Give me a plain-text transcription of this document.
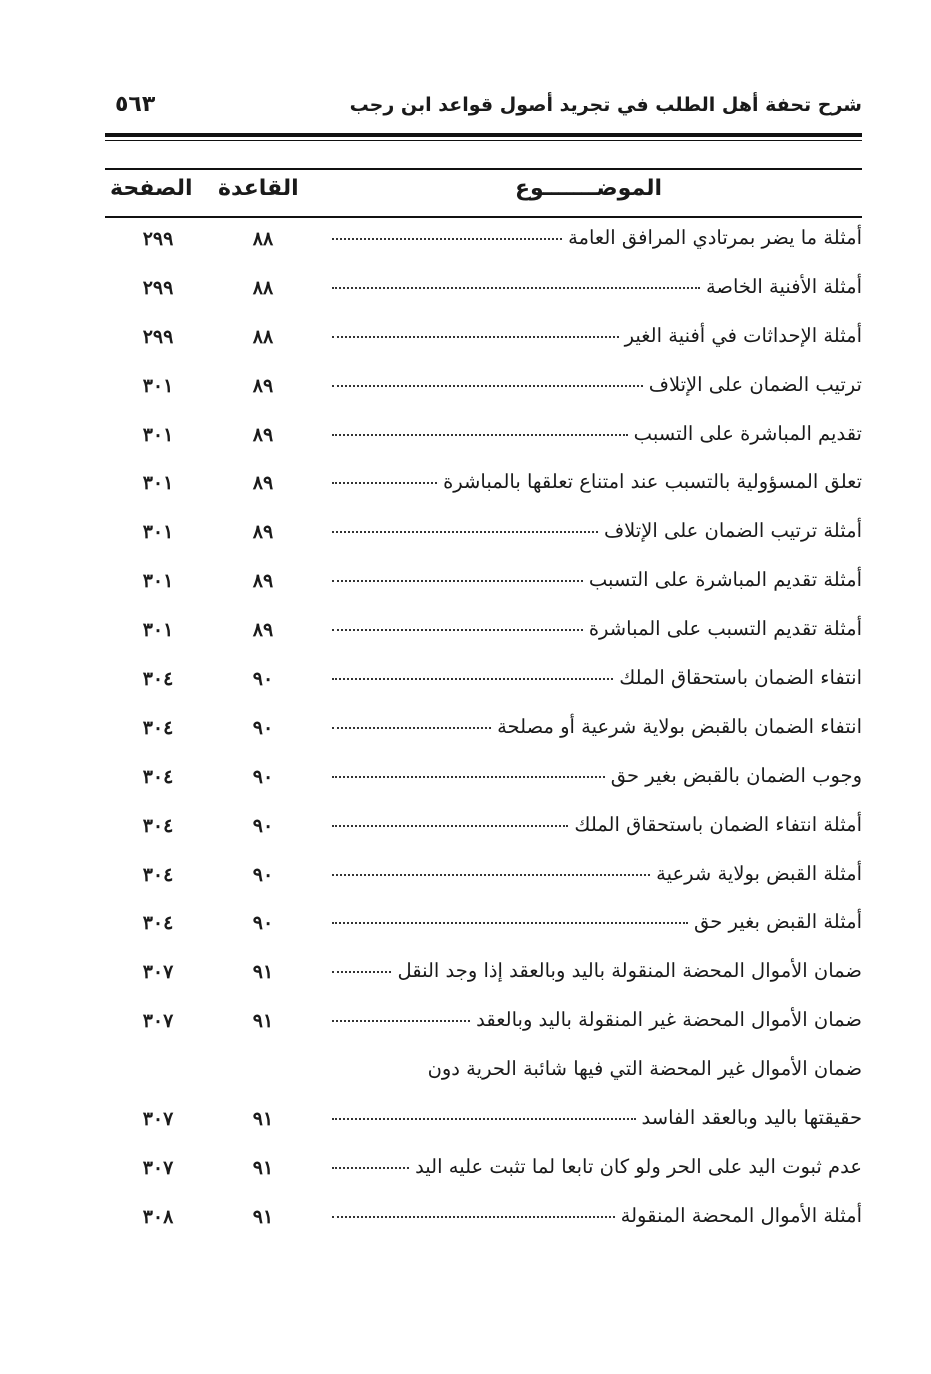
شرح تحفة أهل الطلب في تجريد أصول قواعد ابن رجب
٥٦٣
الموضـــــــوع
القاعدة
الصفحة
أمثلة ما يضر بمرتادي المرافق العامة
٨٨
٢٩٩
أمثلة الأفنية الخاصة
٨٨
٢٩٩
أمثلة الإحداثات في أفنية الغير
٨٨
٢٩٩
ترتيب الضمان على الإتلاف
٨٩
٣٠١
تقديم المباشرة على التسبب
٨٩
٣٠١
تعلق المسؤولية بالتسبب عند امتناع تعلقها بالمباشرة
٨٩
٣٠١
أمثلة ترتيب الضمان على الإتلاف
٨٩
٣٠١
أمثلة تقديم المباشرة على التسبب
٨٩
٣٠١
أمثلة تقديم التسبب على المباشرة
٨٩
٣٠١
انتفاء الضمان باستحقاق الملك
٩٠
٣٠٤
انتفاء الضمان بالقبض بولاية شرعية أو مصلحة
٩٠
٣٠٤
وجوب الضمان بالقبض بغير حق
٩٠
٣٠٤
أمثلة انتفاء الضمان باستحقاق الملك
٩٠
٣٠٤
أمثلة القبض بولاية شرعية
٩٠
٣٠٤
أمثلة القبض بغير حق
٩٠
٣٠٤
ضمان الأموال المحضة المنقولة باليد وبالعقد إذا وجد النقل
٩١
٣٠٧
ضمان الأموال المحضة غير المنقولة باليد وبالعقد
٩١
٣٠٧
ضمان الأموال غير المحضة التي فيها شائبة الحرية دون
حقيقتها باليد وبالعقد الفاسد
٩١
٣٠٧
عدم ثبوت اليد على الحر ولو كان تابعا لما تثبت عليه اليد
٩١
٣٠٧
أمثلة الأموال المحضة المنقولة
٩١
٣٠٨
